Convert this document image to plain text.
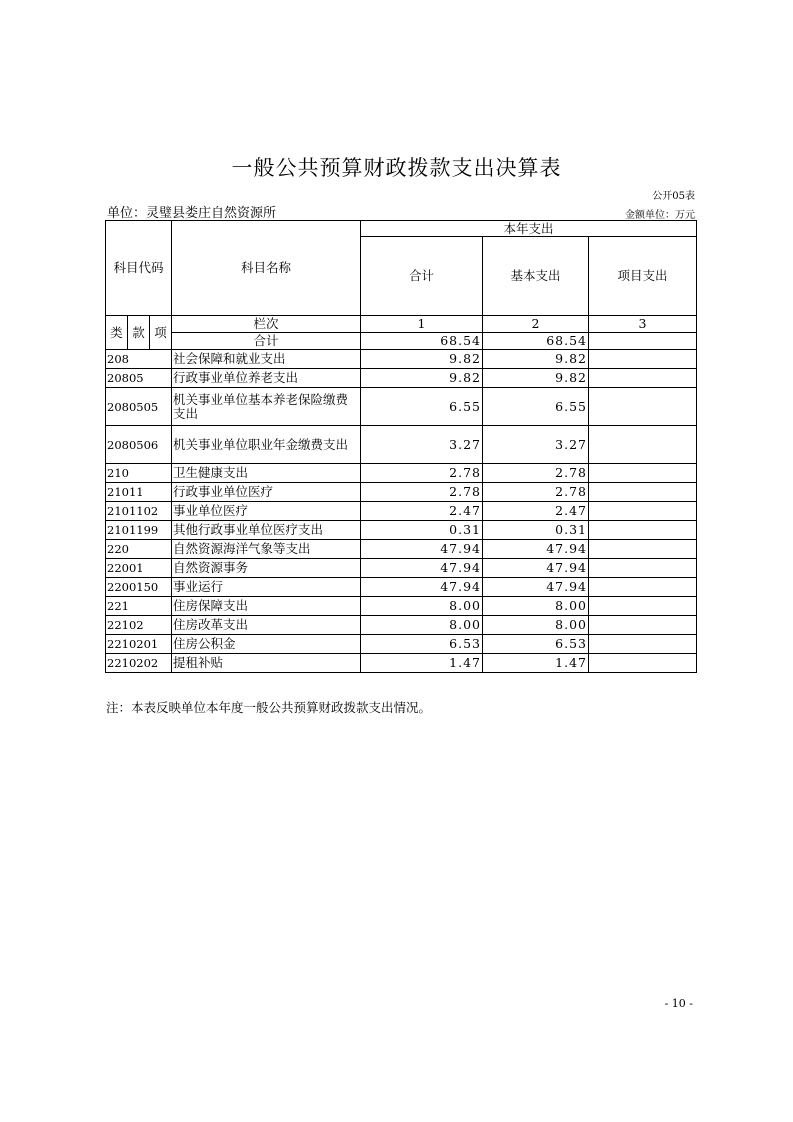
一般公共预算财政拨款支出决算表
公开05表
单位：灵璧县娄庄自然资源所	金额单位：万元
科目代码			科目名称	本年支出		
				合计	基本支出	项目支出

类	款	项	栏次	1	2	3
			合计	68.54	68.54	
208			社会保障和就业支出	9.82	9.82	
20805			行政事业单位养老支出	9.82	9.82	
2080505			机关事业单位基本养老保险缴费支出	6.55	6.55	
2080506			机关事业单位职业年金缴费支出	3.27	3.27	
210			卫生健康支出	2.78	2.78	
21011			行政事业单位医疗	2.78	2.78	
2101102			事业单位医疗	2.47	2.47	
2101199			其他行政事业单位医疗支出	0.31	0.31	
220			自然资源海洋气象等支出	47.94	47.94	
22001			自然资源事务	47.94	47.94	
2200150			事业运行	47.94	47.94	
221			住房保障支出	8.00	8.00	
22102			住房改革支出	8.00	8.00	
2210201			住房公积金	6.53	6.53	
2210202			提租补贴	1.47	1.47	
注：本表反映单位本年度一般公共预算财政拨款支出情况。
- 10 -
